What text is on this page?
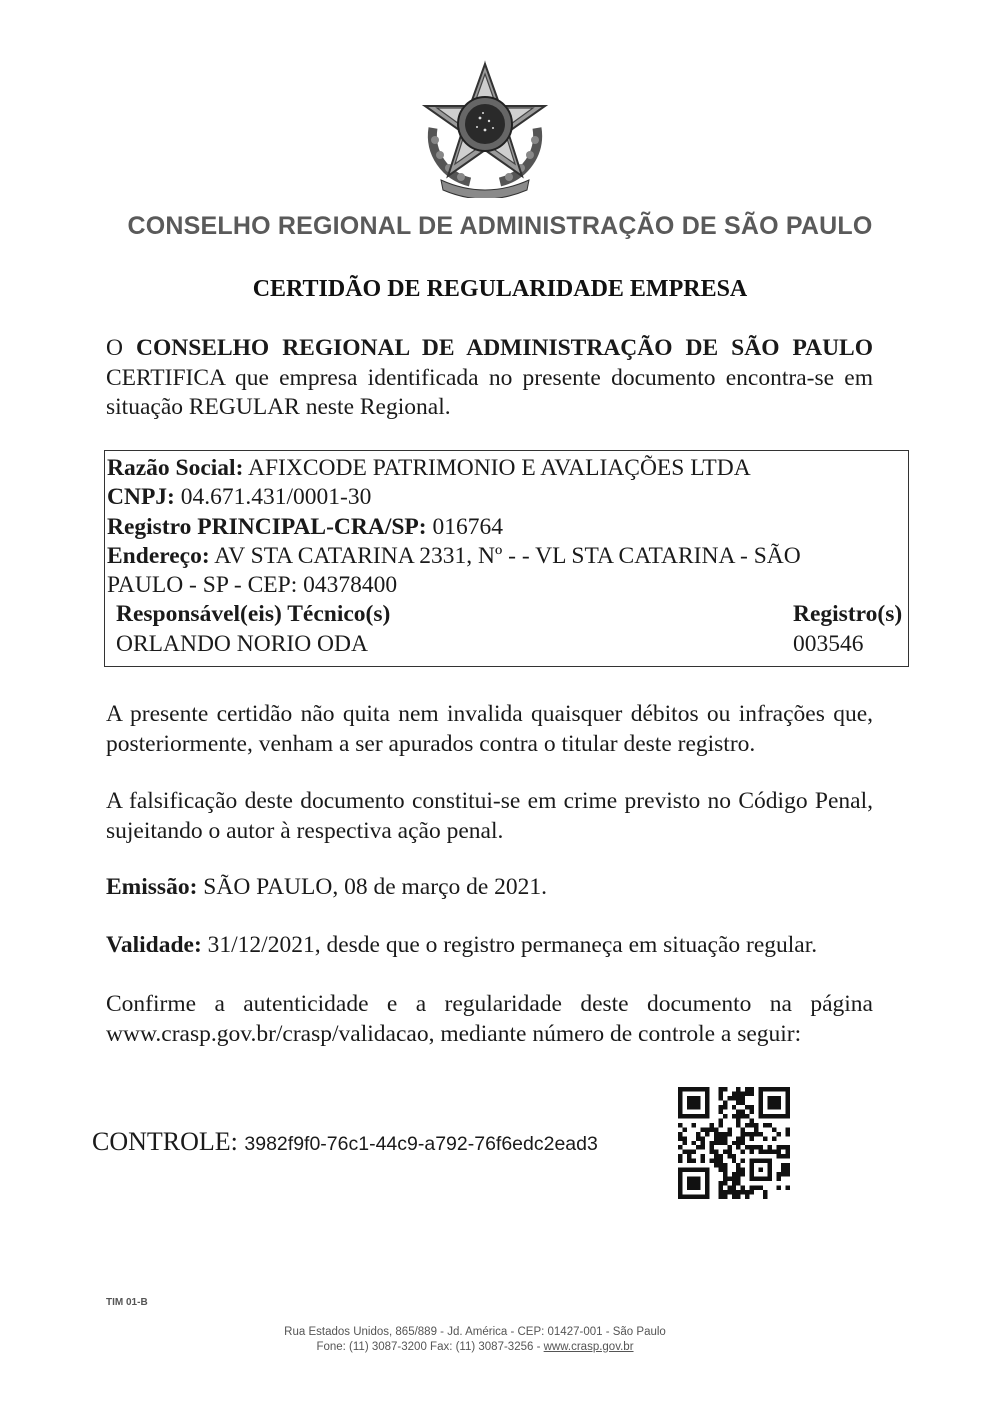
CONSELHO REGIONAL DE ADMINISTRAÇÃO DE SÃO PAULO
CERTIDÃO DE REGULARIDADE EMPRESA
O CONSELHO REGIONAL DE ADMINISTRAÇÃO DE SÃO PAULO CERTIFICA que empresa identificada no presente documento encontra-se em situação REGULAR neste Regional.
Razão Social: AFIXCODE PATRIMONIO E AVALIAÇÕES LTDA
CNPJ: 04.671.431/0001-30
Registro PRINCIPAL-CRA/SP: 016764
Endereço: AV STA CATARINA 2331, Nº - - VL STA CATARINA - SÃO
PAULO - SP - CEP: 04378400
Responsável(eis) Técnico(s)	Registro(s)
ORLANDO NORIO ODA	003546
A presente certidão não quita nem invalida quaisquer débitos ou infrações que, posteriormente, venham a ser apurados contra o titular deste registro.
A falsificação deste documento constitui-se em crime previsto no Código Penal, sujeitando o autor à respectiva ação penal.
Emissão: SÃO PAULO, 08 de março de 2021.
Validade: 31/12/2021, desde que o registro permaneça em situação regular.
Confirme a autenticidade e a regularidade deste documento na página www.crasp.gov.br/crasp/validacao, mediante número de controle a seguir:
CONTROLE: 3982f9f0-76c1-44c9-a792-76f6edc2ead3
TIM 01-B
Rua Estados Unidos, 865/889 - Jd. América - CEP: 01427-001 - São Paulo
Fone: (11) 3087-3200 Fax: (11) 3087-3256 - www.crasp.gov.br
